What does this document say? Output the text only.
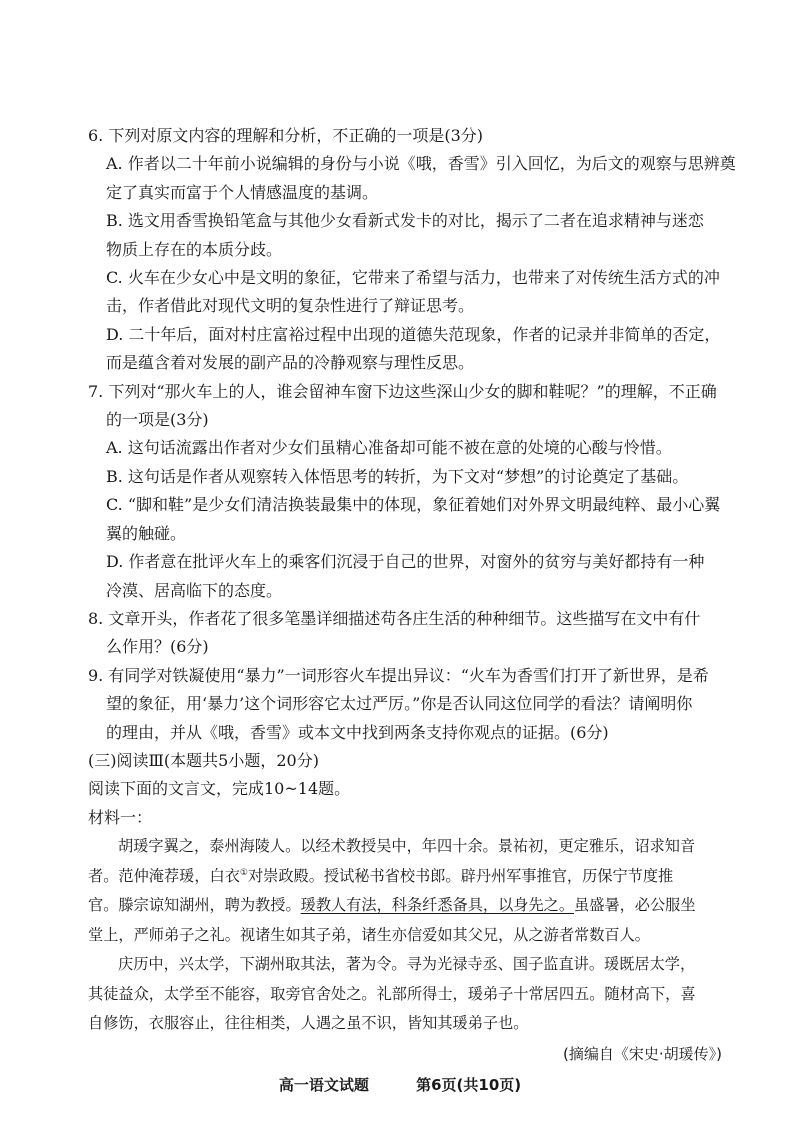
6. 下列对原文内容的理解和分析，不正确的一项是(3分)
A. 作者以二十年前小说编辑的身份与小说《哦，香雪》引入回忆，为后文的观察与思辨奠
定了真实而富于个人情感温度的基调。
B. 选文用香雪换铅笔盒与其他少女看新式发卡的对比，揭示了二者在追求精神与迷恋
物质上存在的本质分歧。
C. 火车在少女心中是文明的象征，它带来了希望与活力，也带来了对传统生活方式的冲
击，作者借此对现代文明的复杂性进行了辩证思考。
D. 二十年后，面对村庄富裕过程中出现的道德失范现象，作者的记录并非简单的否定，
而是蕴含着对发展的副产品的冷静观察与理性反思。
7. 下列对“那火车上的人，谁会留神车窗下边这些深山少女的脚和鞋呢？”的理解，不正确
的一项是(3分)
A. 这句话流露出作者对少女们虽精心准备却可能不被在意的处境的心酸与怜惜。
B. 这句话是作者从观察转入体悟思考的转折，为下文对“梦想”的讨论奠定了基础。
C. “脚和鞋”是少女们清洁换装最集中的体现，象征着她们对外界文明最纯粹、最小心翼
翼的触碰。
D. 作者意在批评火车上的乘客们沉浸于自己的世界，对窗外的贫穷与美好都持有一种
冷漠、居高临下的态度。
8. 文章开头，作者花了很多笔墨详细描述苟各庄生活的种种细节。这些描写在文中有什
么作用？(6分)
9. 有同学对铁凝使用“暴力”一词形容火车提出异议：“火车为香雪们打开了新世界，是希
望的象征，用‘暴力’这个词形容它太过严厉。”你是否认同这位同学的看法？请阐明你
的理由，并从《哦，香雪》或本文中找到两条支持你观点的证据。(6分)
(三)阅读Ⅲ(本题共5小题，20分)
阅读下面的文言文，完成10~14题。
材料一：
胡瑗字翼之，泰州海陵人。以经术教授吴中，年四十余。景祐初，更定雅乐，诏求知音
者。范仲淹荐瑗，白衣①对崇政殿。授试秘书省校书郎。辟丹州军事推官，历保宁节度推
官。滕宗谅知湖州，聘为教授。瑗教人有法，科条纤悉备具，以身先之。虽盛暑，必公服坐
堂上，严师弟子之礼。视诸生如其子弟，诸生亦信爱如其父兄，从之游者常数百人。
庆历中，兴太学，下湖州取其法，著为令。寻为光禄寺丞、国子监直讲。瑗既居太学，
其徒益众，太学至不能容，取旁官舍处之。礼部所得士，瑗弟子十常居四五。随材高下，喜
自修饬，衣服容止，往往相类，人遇之虽不识，皆知其瑗弟子也。
(摘编自《宋史·胡瑗传》)
高一语文试题	第6页(共10页)
